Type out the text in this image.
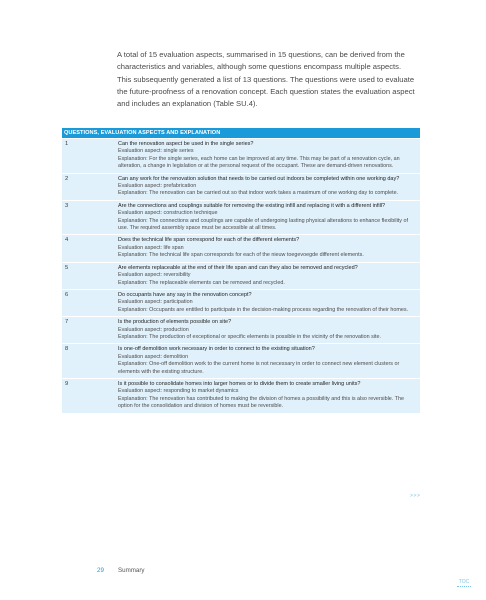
A total of 15 evaluation aspects, summarised in 15 questions, can be derived from the characteristics and variables, although some questions encompass multiple aspects. This subsequently generated a list of 13 questions. The questions were used to evaluate the future-proofness of a renovation concept. Each question states the evaluation aspect and includes an explanation (Table SU.4).

QUESTIONS, EVALUATION ASPECTS AND EXPLANATION
1	Can the renovation aspect be used in the single series?
Evaluation aspect: single series
Explanation: For the single series, each home can be improved at any time. This may be part of a renovation cycle, an alteration, a change in legislation or at the personal request of the occupant. These are demand-driven renovations.
2	Can any work for the renovation solution that needs to be carried out indoors be completed within one working day?
Evaluation aspect: prefabrication
Explanation: The renovation can be carried out so that indoor work takes a maximum of one working day to complete.
3	Are the connections and couplings suitable for removing the existing infill and replacing it with a different infill?
Evaluation aspect: construction technique
Explanation: The connections and couplings are capable of undergoing lasting physical alterations to enhance flexibility of use. The required assembly space must be accessible at all times.
4	Does the technical life span correspond for each of the different elements?
Evaluation aspect: life span
Explanation: The technical life span corresponds for each of the nieuw toegevoegde different elements.
5	Are elements replaceable at the end of their life span and can they also be removed and recycled?
Evaluation aspect: reversibility
Explanation: The replaceable elements can be removed and recycled.
6	Do occupants have any say in the renovation concept?
Evaluation aspect: participation
Explanation: Occupants are entitled to participate in the decision-making process regarding the renovation of their homes.
7	Is the production of elements possible on site?
Evaluation aspect: production
Explanation: The production of exceptional or specific elements is possible in the vicinity of the renovation site.
8	Is one-off demolition work necessary in order to connect to the existing situation?
Evaluation aspect: demolition
Explanation: One-off demolition work to the current home is not necessary in order to connect new element clusters or elements with the existing structure.
9	Is it possible to consolidate homes into larger homes or to divide them to create smaller living units?
Evaluation aspect: responding to market dynamics
Explanation: The renovation has contributed to making the division of homes a possibility and this is also reversible. The option for the consolidation and division of homes must be reversible.
>>>
29 Summary
TOC
